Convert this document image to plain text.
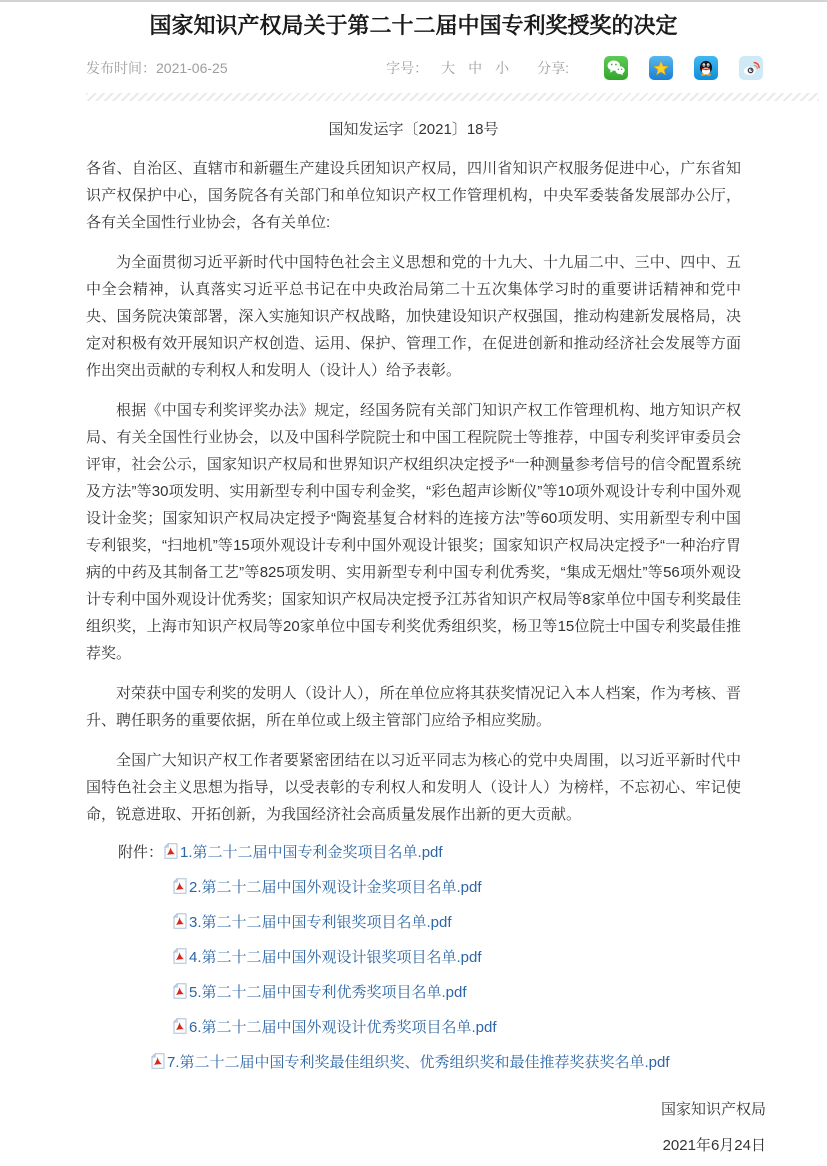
国家知识产权局关于第二十二届中国专利奖授奖的决定
发布时间：2021-06-25	字号： 大 中 小 分享:
国知发运字〔2021〕18号

各省、自治区、直辖市和新疆生产建设兵团知识产权局，四川省知识产权服务促进中心，广东省知识产权保护中心，国务院各有关部门和单位知识产权工作管理机构，中央军委装备发展部办公厅，各有关全国性行业协会，各有关单位:

为全面贯彻习近平新时代中国特色社会主义思想和党的十九大、十九届二中、三中、四中、五中全会精神，认真落实习近平总书记在中央政治局第二十五次集体学习时的重要讲话精神和党中央、国务院决策部署，深入实施知识产权战略，加快建设知识产权强国，推动构建新发展格局，决定对积极有效开展知识产权创造、运用、保护、管理工作，在促进创新和推动经济社会发展等方面作出突出贡献的专利权人和发明人（设计人）给予表彰。

根据《中国专利奖评奖办法》规定，经国务院有关部门知识产权工作管理机构、地方知识产权局、有关全国性行业协会，以及中国科学院院士和中国工程院院士等推荐，中国专利奖评审委员会评审，社会公示，国家知识产权局和世界知识产权组织决定授予“一种测量参考信号的信令配置系统及方法”等30项发明、实用新型专利中国专利金奖，“彩色超声诊断仪”等10项外观设计专利中国外观设计金奖；国家知识产权局决定授予“陶瓷基复合材料的连接方法”等60项发明、实用新型专利中国专利银奖，“扫地机”等15项外观设计专利中国外观设计银奖；国家知识产权局决定授予“一种治疗胃病的中药及其制备工艺”等825项发明、实用新型专利中国专利优秀奖，“集成无烟灶”等56项外观设计专利中国外观设计优秀奖；国家知识产权局决定授予江苏省知识产权局等8家单位中国专利奖最佳组织奖，上海市知识产权局等20家单位中国专利奖优秀组织奖，杨卫等15位院士中国专利奖最佳推荐奖。

对荣获中国专利奖的发明人（设计人），所在单位应将其获奖情况记入本人档案，作为考核、晋升、聘任职务的重要依据，所在单位或上级主管部门应给予相应奖励。

全国广大知识产权工作者要紧密团结在以习近平同志为核心的党中央周围，以习近平新时代中国特色社会主义思想为指导，以受表彰的专利权人和发明人（设计人）为榜样，不忘初心、牢记使命，锐意进取、开拓创新，为我国经济社会高质量发展作出新的更大贡献。

附件： 1.第二十二届中国专利金奖项目名单.pdf
2.第二十二届中国外观设计金奖项目名单.pdf
3.第二十二届中国专利银奖项目名单.pdf
4.第二十二届中国外观设计银奖项目名单.pdf
5.第二十二届中国专利优秀奖项目名单.pdf
6.第二十二届中国外观设计优秀奖项目名单.pdf
7.第二十二届中国专利奖最佳组织奖、优秀组织奖和最佳推荐奖获奖名单.pdf
国家知识产权局
2021年6月24日
